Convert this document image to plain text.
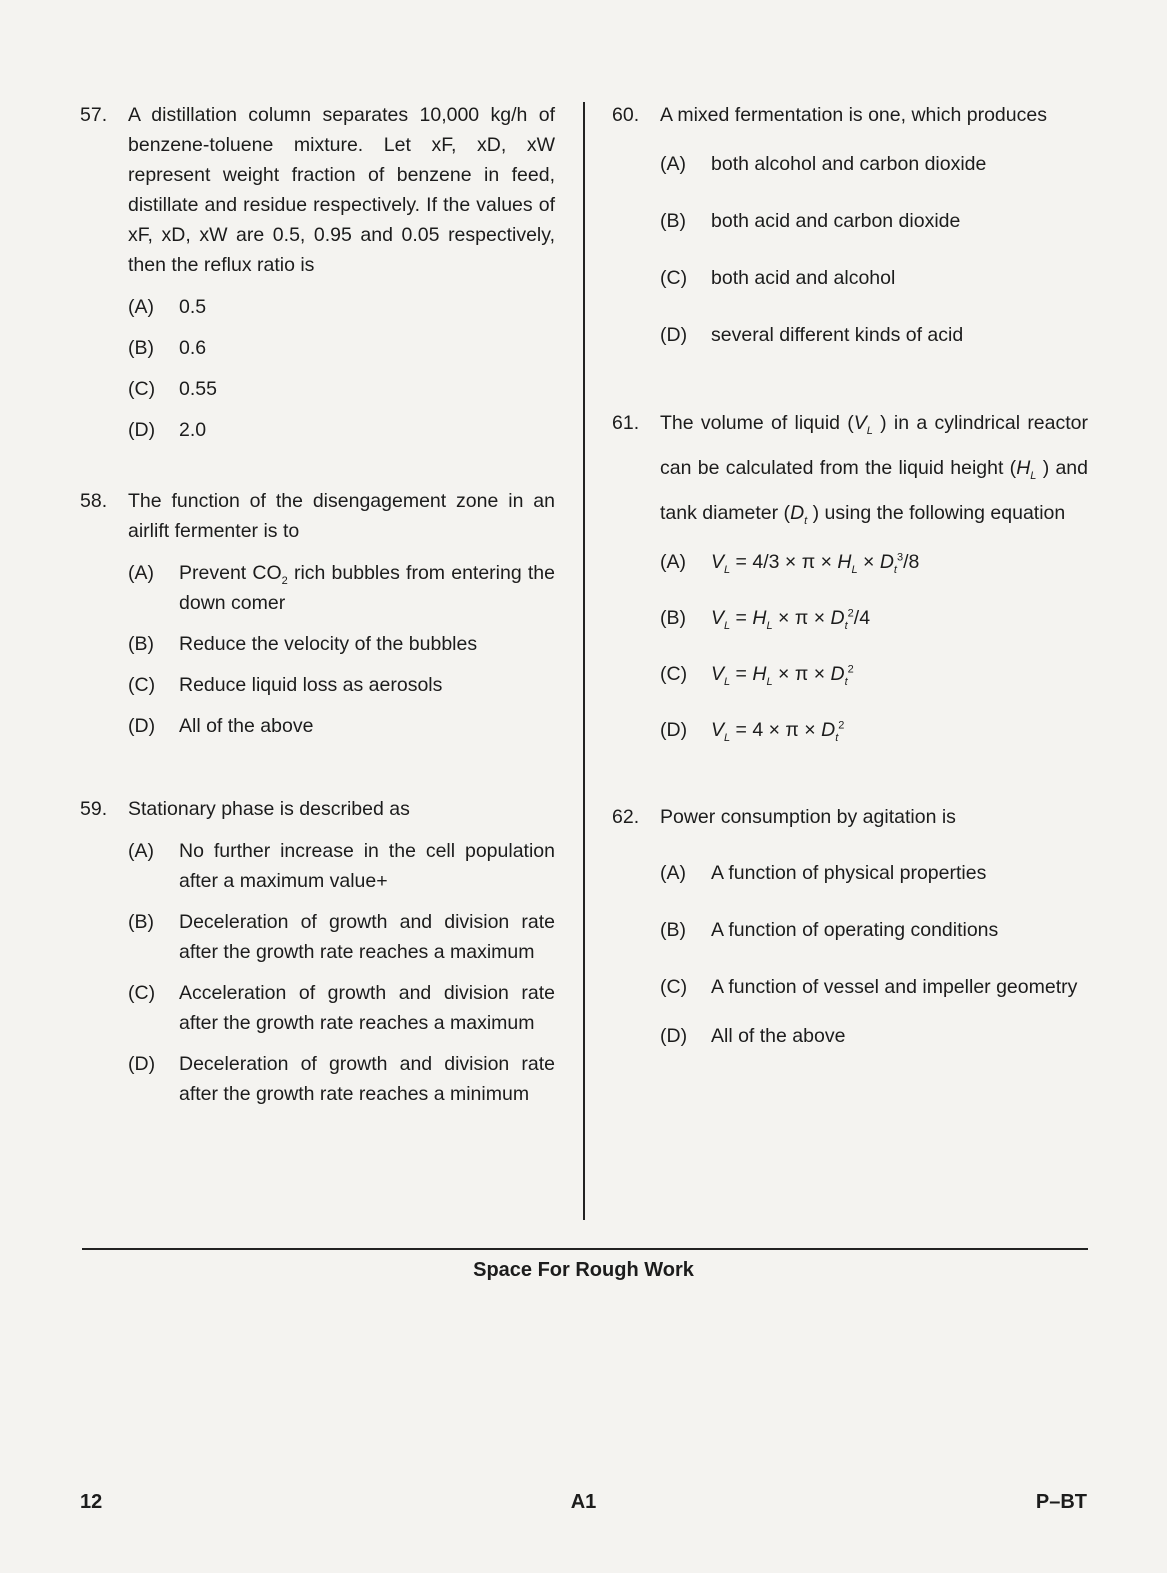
57.	A distillation column separates 10,000 kg/h of benzene-toluene mixture. Let xF, xD, xW represent weight fraction of benzene in feed, distillate and residue respectively. If the values of xF, xD, xW are 0.5, 0.95 and 0.05 respectively, then the reflux ratio is
(A)	0.5
(B)	0.6
(C)	0.55
(D)	2.0
58.	The function of the disengagement zone in an airlift fermenter is to
(A)	Prevent $CO_2$ rich bubbles from entering the down comer
(B)	Reduce the velocity of the bubbles
(C)	Reduce liquid loss as aerosols
(D)	All of the above
59.	Stationary phase is described as
(A)	No further increase in the cell population after a maximum value+
(B)	Deceleration of growth and division rate after the growth rate reaches a maximum
(C)	Acceleration of growth and division rate after the growth rate reaches a maximum
(D)	Deceleration of growth and division rate after the growth rate reaches a minimum
60.	A mixed fermentation is one, which produces
(A)	both alcohol and carbon dioxide
(B)	both acid and carbon dioxide
(C)	both acid and alcohol
(D)	several different kinds of acid
61.	The volume of liquid ($V_L$ ) in a cylindrical reactor can be calculated from the liquid height ($H_L$ ) and tank diameter ($D_t$ ) using the following equation
(A)	$V_L = 4/3 \times \pi \times H_L \times D_t^3/8$
(B)	$V_L = H_L \times \pi \times D_t^2/4$
(C)	$V_L = H_L \times \pi \times D_t^2$
(D)	$V_L = 4 \times \pi \times D_t^2$
62.	Power consumption by agitation is
(A)	A function of physical properties
(B)	A function of operating conditions
(C)	A function of vessel and impeller geometry
(D)	All of the above
Space For Rough Work
12	A1	P–BT
